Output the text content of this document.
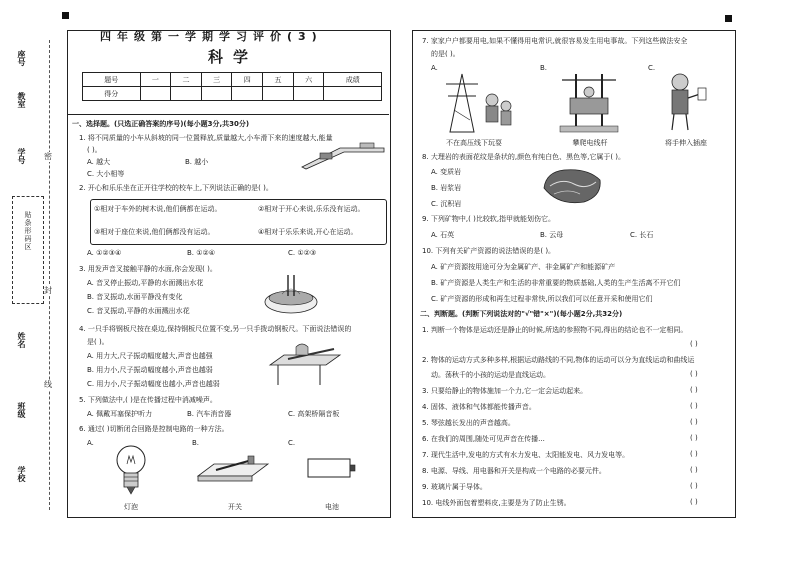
座号
教室
学号
贴条形码区
姓名
班级
学校
密
封
线
四年级第一学期学习评价(3)
科学
题号	一	二	三	四	五	六	成绩
得分							
一、选择题。(只选正确答案的序号)(每小题3分,共30分)
1. 将不同质量的小车从斜坡的同一位置释放,质量越大,小车滑下来的速度越大,能量
( )。
A. 越大	B. 越小
C. 大小相等
2. 开心和乐乐坐在正开往学校的校车上,下列说法正确的是( )。
①相对于车外的树木说,他们俩都在运动。	②相对于开心来说,乐乐没有运动。
③相对于座位来说,他们俩都没有运动。	④相对于乐乐来说,开心在运动。
A. ①②③④	B. ①②④	C. ①②③
3. 用发声音叉接触平静的水面,你会发现( )。
A. 音叉停止振动,平静的水面溅出水花
B. 音叉振动,水面平静没有变化
C. 音叉振动,平静的水面溅出水花
4. 一只手将钢板尺按在桌边,保持钢板尺位置不变,另一只手拨动钢板尺。下面说法错误的
是( )。
A. 用力大,尺子振动幅度越大,声音也越强
B. 用力小,尺子振动幅度越小,声音也越弱
C. 用力小,尺子振动幅度也越小,声音也越弱
5. 下列做法中,( )是在传播过程中消减噪声。
A. 佩戴耳塞保护听力	B. 汽车消音器	C. 高架桥隔音板
6. 通过( )切断闭合回路是控制电路的一种方法。
A.	B.	C.
灯泡	开关	电池
7. 家家户户都要用电,如果不懂得用电常识,就很容易发生用电事故。下列这些做法安全
的是( )。
A.	B.	C.
不在高压线下玩耍	攀爬电线杆	将手伸入插座
8. 大理岩的表面花纹是条状的,颜色有纯白色、黑色等,它属于( )。
A. 变质岩
B. 岩浆岩
C. 沉积岩
9. 下列矿物中,( )比较软,指甲就能划伤它。
A. 石英	B. 云母	C. 长石
10. 下列有关矿产资源的说法错误的是( )。
A. 矿产资源按用途可分为金属矿产、非金属矿产和能源矿产
B. 矿产资源是人类生产和生活的非常重要的物质基础,人类的生产生活离不开它们
C. 矿产资源的形成和再生过程非常快,所以我们可以任意开采和使用它们
二、判断题。(判断下列说法对的"√"错"×")(每小题2分,共32分)
1. 判断一个物体是运动还是静止的时候,所选的参照物不同,得出的结论也不一定相同。
( )
2. 物体的运动方式多种多样,根据运动路线的不同,物体的运动可以分为直线运动和曲线运
动。荡秋千的小孩的运动是直线运动。	( )
3. 只要给静止的物体施加一个力,它一定会运动起来。	( )
4. 固体、液体和气体都能传播声音。	( )
5. 琴弦越长发出的声音越高。	( )
6. 在我们的周围,随处可见声音在传播...	( )
7. 现代生活中,发电的方式有水力发电、太阳能发电、风力发电等。	( )
8. 电源、导线、用电器和开关是构成一个电路的必要元件。	( )
9. 玻璃片属于导体。	( )
10. 电线外面包着塑料皮,主要是为了防止生锈。	( )
